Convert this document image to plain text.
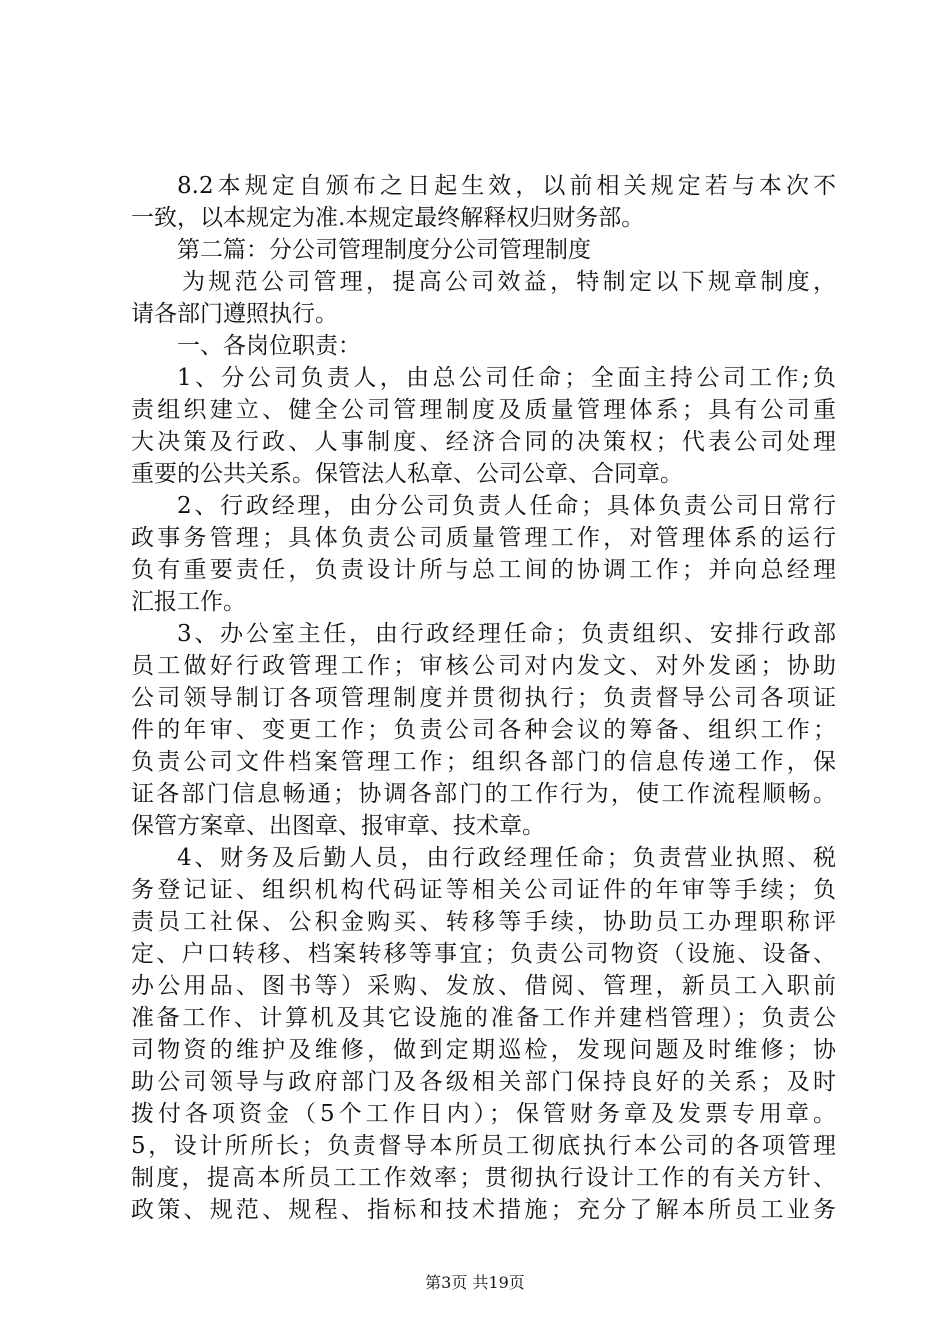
8.2本规定自颁布之日起生效，以前相关规定若与本次不
一致，以本规定为准.本规定最终解释权归财务部。
第二篇：分公司管理制度分公司管理制度
为规范公司管理，提高公司效益，特制定以下规章制度，
请各部门遵照执行。
一、各岗位职责：
1、分公司负责人，由总公司任命；全面主持公司工作;负
责组织建立、健全公司管理制度及质量管理体系；具有公司重
大决策及行政、人事制度、经济合同的决策权；代表公司处理
重要的公共关系。保管法人私章、公司公章、合同章。
2、行政经理，由分公司负责人任命；具体负责公司日常行
政事务管理；具体负责公司质量管理工作，对管理体系的运行
负有重要责任，负责设计所与总工间的协调工作；并向总经理
汇报工作。
3、办公室主任，由行政经理任命；负责组织、安排行政部
员工做好行政管理工作；审核公司对内发文、对外发函；协助
公司领导制订各项管理制度并贯彻执行；负责督导公司各项证
件的年审、变更工作；负责公司各种会议的筹备、组织工作；
负责公司文件档案管理工作；组织各部门的信息传递工作，保
证各部门信息畅通；协调各部门的工作行为，使工作流程顺畅。
保管方案章、出图章、报审章、技术章。
4、财务及后勤人员，由行政经理任命；负责营业执照、税
务登记证、组织机构代码证等相关公司证件的年审等手续；负
责员工社保、公积金购买、转移等手续，协助员工办理职称评
定、户口转移、档案转移等事宜；负责公司物资（设施、设备、
办公用品、图书等）采购、发放、借阅、管理，新员工入职前
准备工作、计算机及其它设施的准备工作并建档管理）；负责公
司物资的维护及维修，做到定期巡检，发现问题及时维修；协
助公司领导与政府部门及各级相关部门保持良好的关系；及时
拨付各项资金（5个工作日内）；保管财务章及发票专用章。
5，设计所所长；负责督导本所员工彻底执行本公司的各项管理
制度，提高本所员工工作效率；贯彻执行设计工作的有关方针、
政策、规范、规程、指标和技术措施；充分了解本所员工业务
第3页 共19页
